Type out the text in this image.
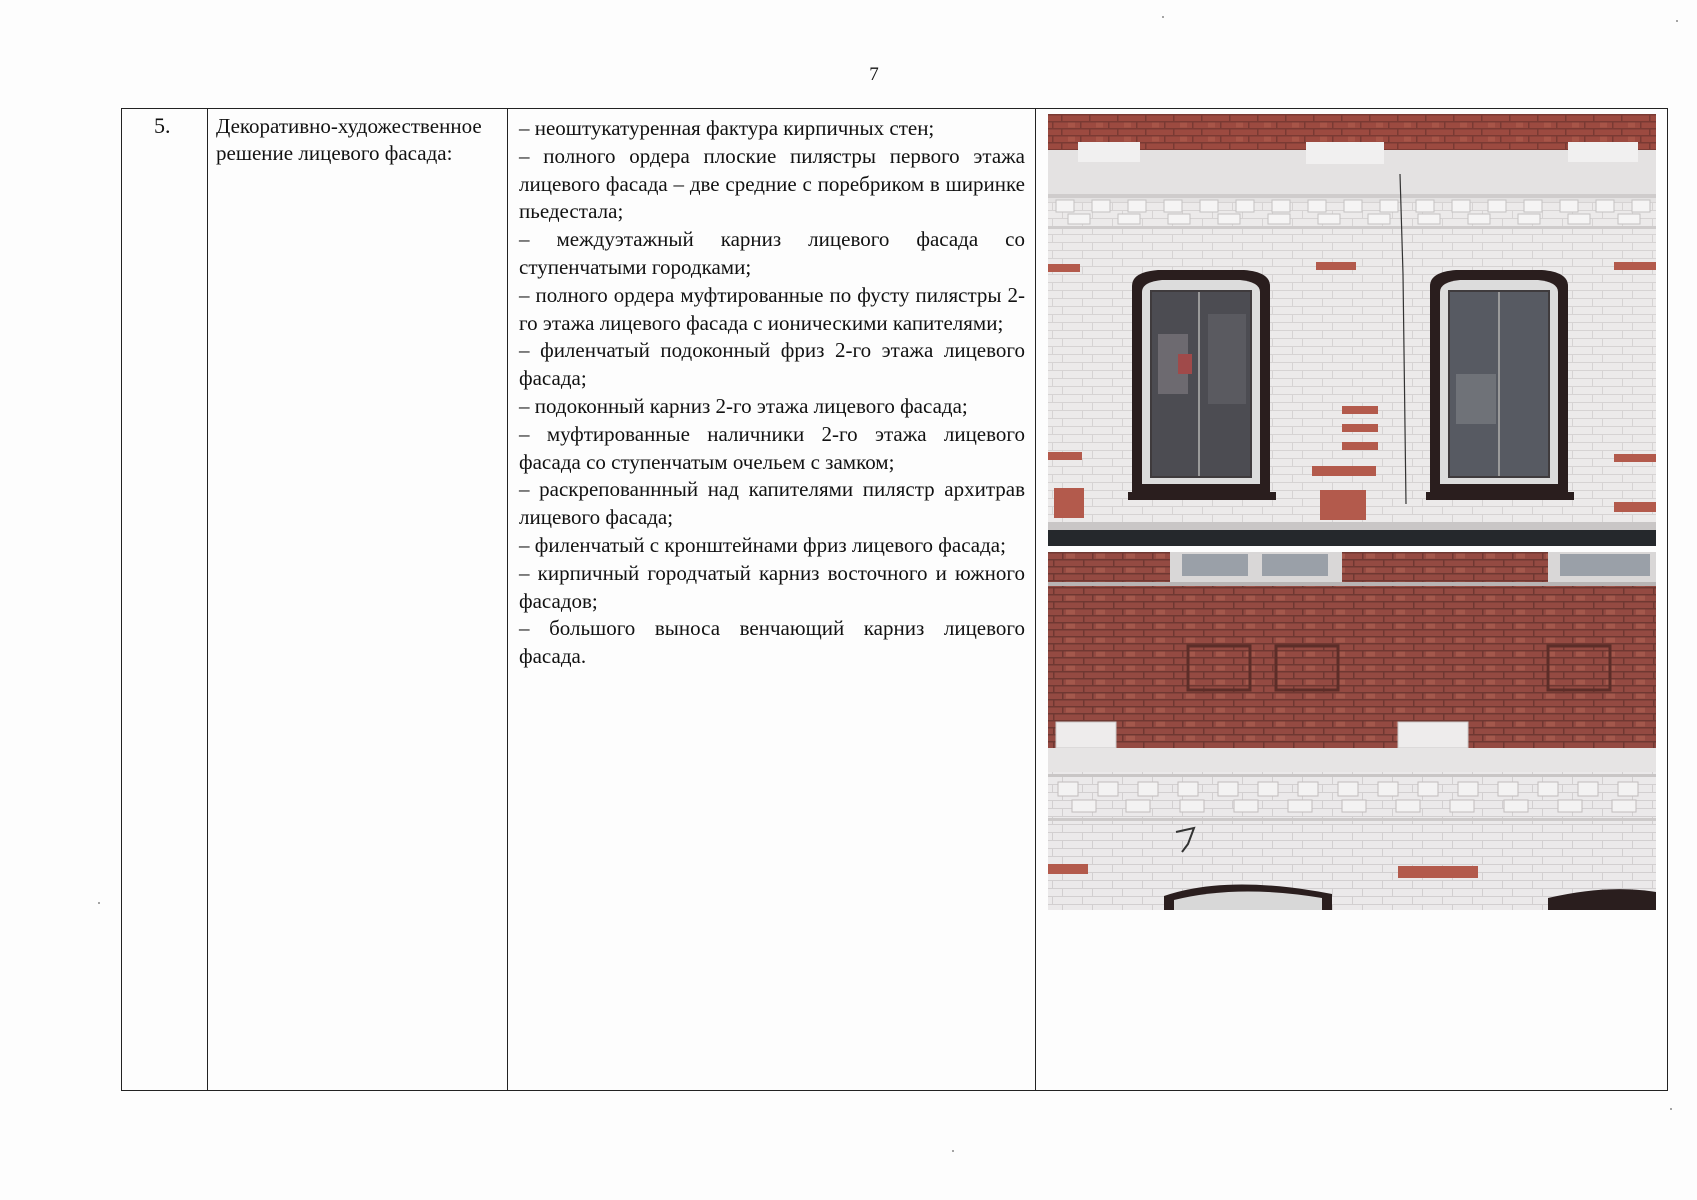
7
5. Декоративно-художественное решение лицевого фасада:
– неоштукатуренная фактура кирпичных стен;
– полного ордера плоские пилястры первого этажа лицевого фасада – две средние с поребриком в ширинке пьедестала;
– междуэтажный карниз лицевого фасада со ступенчатыми городками;
– полного ордера муфтированные по фусту пилястры 2-го этажа лицевого фасада с ионическими капителями;
– филенчатый подоконный фриз 2-го этажа лицевого фасада;
– подоконный карниз 2-го этажа лицевого фасада;
– муфтированные наличники 2-го этажа лицевого фасада со ступенчатым очельем с замком;
– раскрепованнный над капителями пилястр архитрав лицевого фасада;
– филенчатый с кронштейнами фриз лицевого фасада;
– кирпичный городчатый карниз восточного и южного фасадов;
– большого выноса венчающий карниз лицевого фасада.
